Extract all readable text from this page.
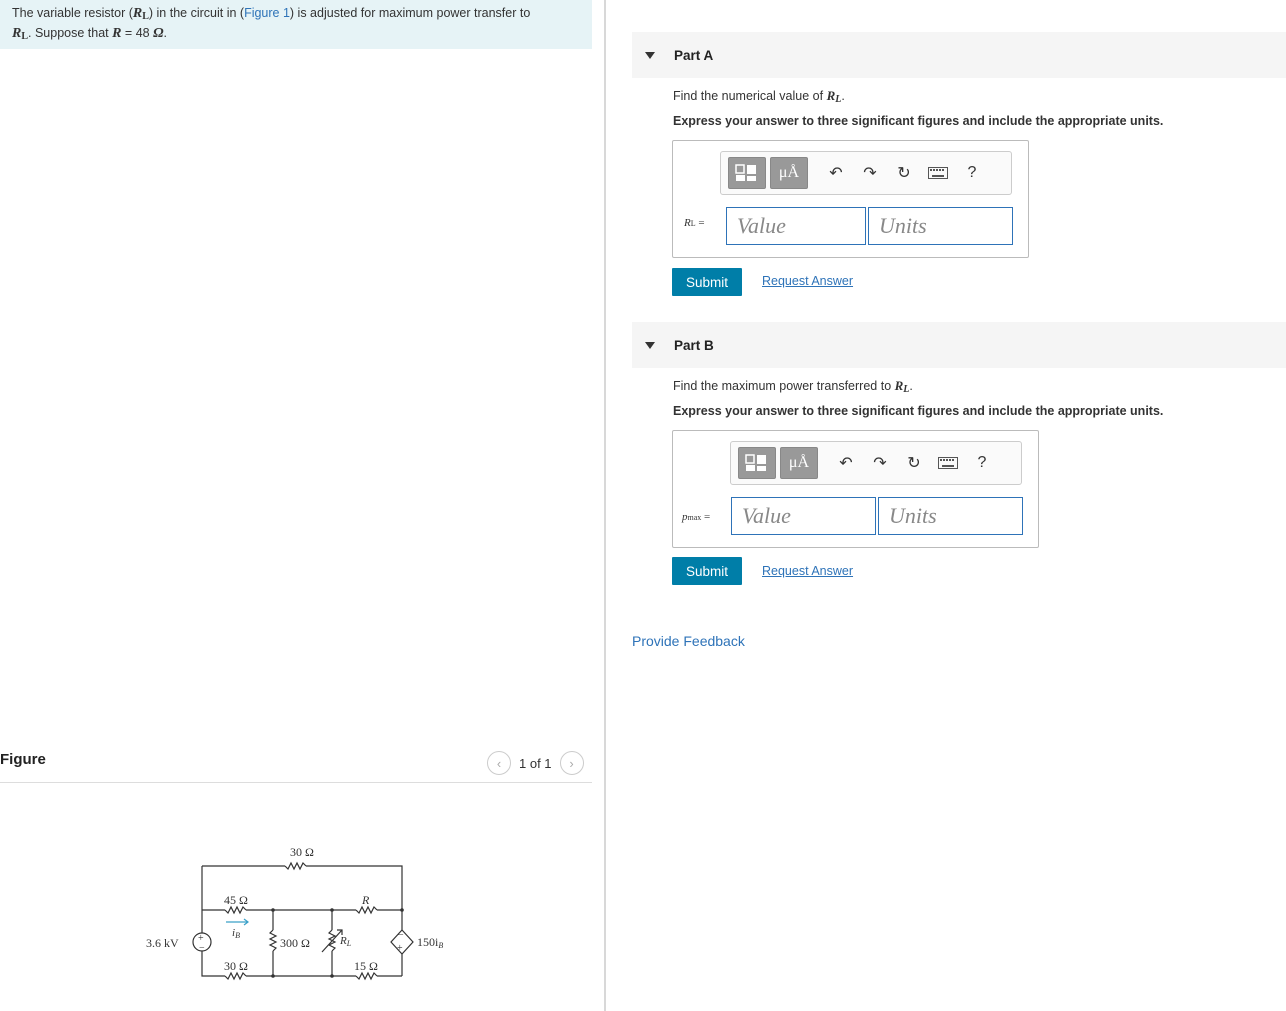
The variable resistor $(R_L)$ in the circuit in (Figure 1) is adjusted for maximum power transfer to
$R_L$. Suppose that R = 48 Ω.
Figure	‹	1 of 1	›
30 Ω
45 Ω	R
iB
3.6 kV +
−	300 Ω	RL
30 Ω	15 Ω
−
+ 150iB
Part A
Find the numerical value of $R_L$.
Express your answer to three significant figures and include the appropriate units.
μÅ	↶	↷	↻	?
RL =	Value	Units
Submit	Request Answer
Part B
Find the maximum power transferred to $R_L$.
Express your answer to three significant figures and include the appropriate units.
μÅ	↶	↷	↻	?
pmax =	Value	Units
Submit	Request Answer
Provide Feedback
